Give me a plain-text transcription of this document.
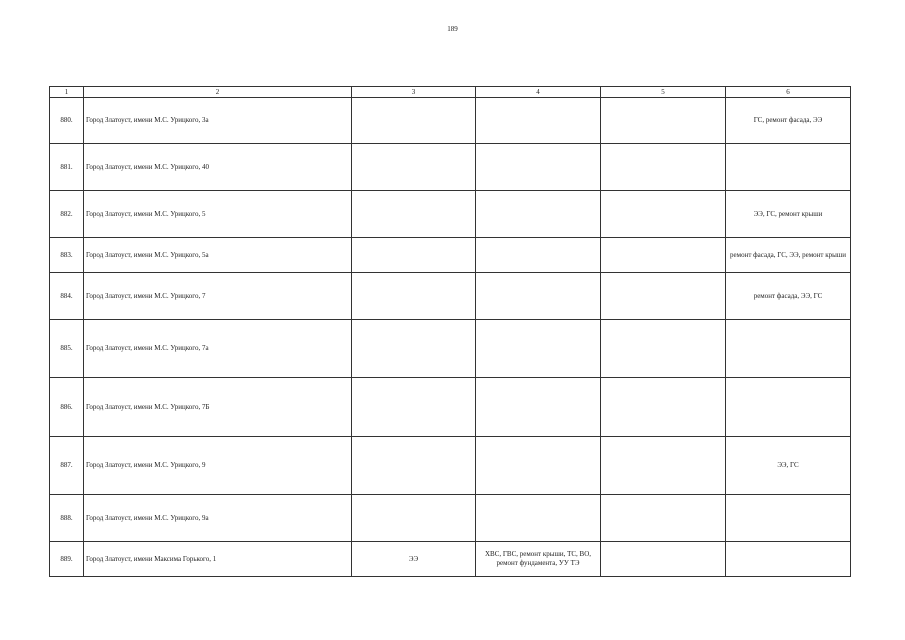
189
1	2	3	4	5	6
880.	Город Златоуст, имени М.С. Урицкого, 3а				ГС, ремонт фасада, ЭЭ
881.	Город Златоуст, имени М.С. Урицкого, 40				
882.	Город Златоуст, имени М.С. Урицкого, 5				ЭЭ, ГС, ремонт крыши
883.	Город Златоуст, имени М.С. Урицкого, 5а				ремонт фасада, ГС, ЭЭ, ремонт крыши
884.	Город Златоуст, имени М.С. Урицкого, 7				ремонт фасада, ЭЭ, ГС
885.	Город Златоуст, имени М.С. Урицкого, 7а				
886.	Город Златоуст, имени М.С. Урицкого, 7Б				
887.	Город Златоуст, имени М.С. Урицкого, 9				ЭЭ, ГС
888.	Город Златоуст, имени М.С. Урицкого, 9а				
889.	Город Златоуст, имени Максима Горького, 1	ЭЭ	ХВС, ГВС, ремонт крыши, ТС, ВО, ремонт фундамента, УУ ТЭ		
